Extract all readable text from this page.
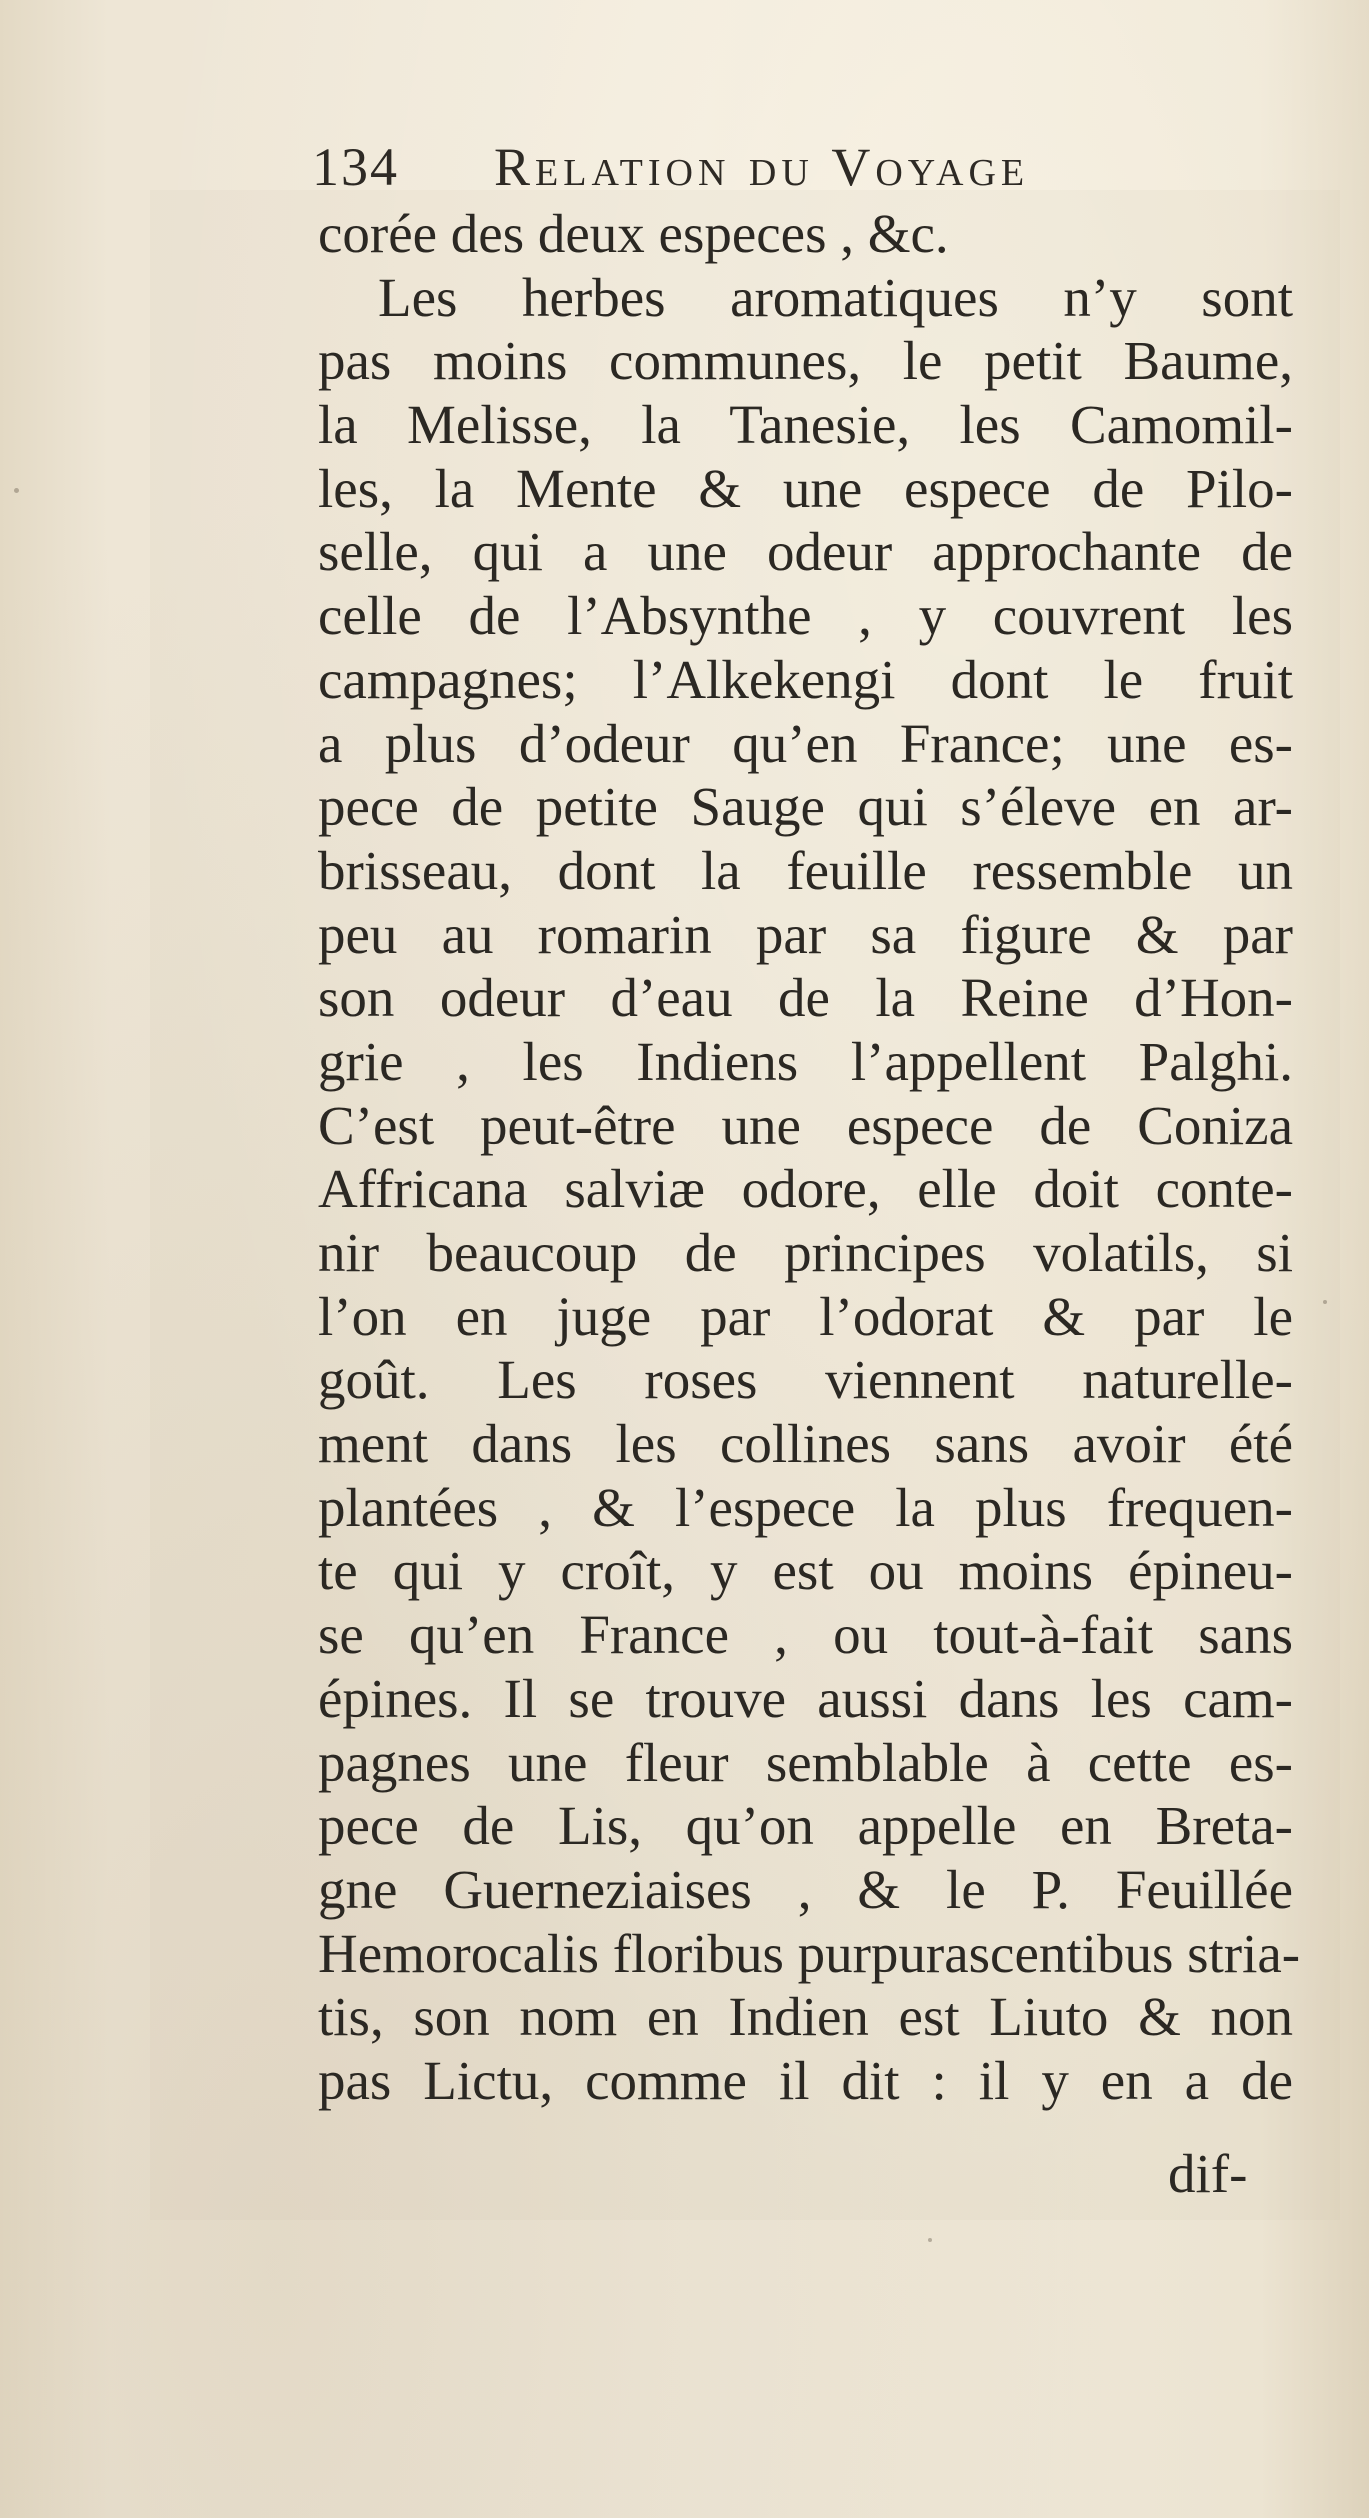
134 Relation du Voyage
corée des deux especes , &c.
Les herbes aromatiques n’y sont
pas moins communes, le petit Baume,
la Melisse, la Tanesie, les Camomil-
les, la Mente & une espece de Pilo-
selle, qui a une odeur approchante de
celle de l’Absynthe , y couvrent les
campagnes; l’Alkekengi dont le fruit
a plus d’odeur qu’en France; une es-
pece de petite Sauge qui s’éleve en ar-
brisseau, dont la feuille ressemble un
peu au romarin par sa figure & par
son odeur d’eau de la Reine d’Hon-
grie , les Indiens l’appellent Palghi.
C’est peut-être une espece de Coniza
Affricana salviæ odore, elle doit conte-
nir beaucoup de principes volatils, si
l’on en juge par l’odorat & par le
goût. Les roses viennent naturelle-
ment dans les collines sans avoir été
plantées , & l’espece la plus frequen-
te qui y croît, y est ou moins épineu-
se qu’en France , ou tout-à-fait sans
épines. Il se trouve aussi dans les cam-
pagnes une fleur semblable à cette es-
pece de Lis, qu’on appelle en Breta-
gne Guerneziaises , & le P. Feuillée
Hemorocalis floribus purpurascentibus stria-
tis, son nom en Indien est Liuto & non
pas Lictu, comme il dit : il y en a de
dif-
